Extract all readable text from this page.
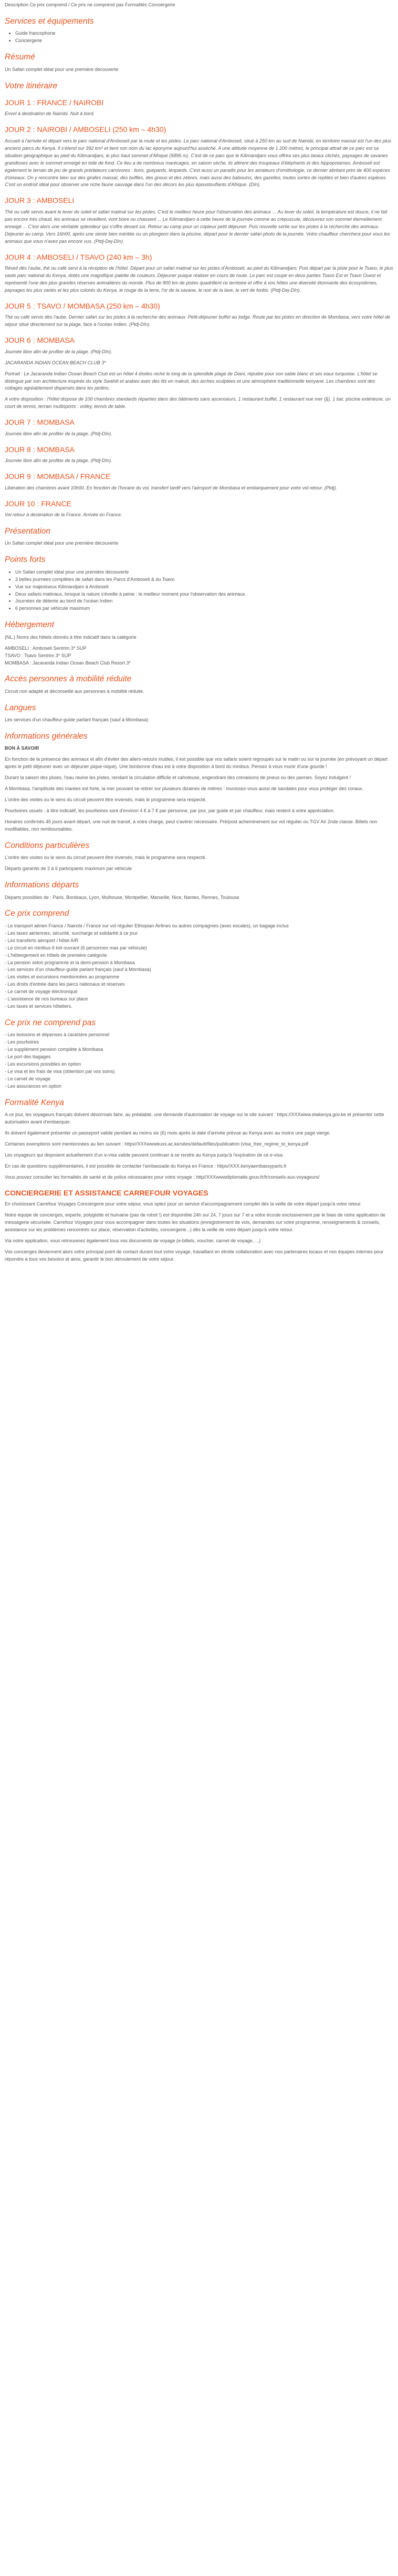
Description Ce prix comprend / Ce prix ne comprend pas Formalités Conciergerie
Services et équipements
• Guide francophone
• Conciergerie
Résumé

Un Safari complet idéal pour une première découverte

Votre itinéraire
JOUR 1 : FRANCE / NAIROBI

Envol à destination de Nairobi. Nuit à bord.

JOUR 2 : NAIROBI / AMBOSELI (250 km – 4h30)

Accueil à l'arrivée et départ vers le parc national d'Amboseli par la route et les pistes. Le parc national d'Amboseli, situé à 250 km au sud de Nairobi, en territoire massaï est l'un des plus anciens parcs du Kenya. Il s'étend sur 392 km² et tient son nom du lac éponyme aujourd'hui asséché. A une altitude moyenne de 1 200 mètres, le principal attrait de ce parc est sa situation géographique au pied du Kilimandjaro, le plus haut sommet d'Afrique (5895 m). C'est de ce parc que le Kilimandjaro vous offrira ses plus beaux clichés, paysages de savanes grandioses avec le sommet enneigé en toile de fond. Ce lieu a de nombreux marécages, en saison sèche, ils attirent des troupeaux d'éléphants et des hippopotames. Amboseli est également le terrain de jeu de grands prédateurs carnivores : lions, guépards, léopards. C'est aussi un paradis pour les amateurs d'ornithologie, ce dernier abritant près de 400 espèces d'oiseaux. On y rencontre bien sur des girafes massaï, des buffles, des gnous et des zèbres, mais aussi des babouins, des gazelles, toutes sortes de reptiles et bien d'autres espèces. C'est un endroit idéal pour observer une riche faune sauvage dans l'un des décors les plus époustouflants d'Afrique. (Dîn).

JOUR 3 : AMBOSELI

Thé ou café servis avant le lever du soleil et safari matinal sur les pistes. C'est le meilleur heure pour l'observation des animaux ... Au lever du soleil, la température est douce, il ne fait pas encore très chaud, les animaux se réveillent, vont boire ou chassent ... Le Kilimandjaro à cette heure de la journée comme au crépuscule, découvrez son sommet éternellement enneigé ... C'est alors une véritable splendeur qui s'offre devant soi. Retour au camp pour un copieux petit déjeuner. Puis nouvelle sortie sur les pistes à la recherche des animaux. Déjeuner au camp. Vers 16h00, après une sieste bien méritée ou un plongeon dans la piscine, départ pour le dernier safari photo de la journée. Votre chauffeur cherchera pour vous les animaux que vous n'avez pas encore vus. (Ptdj-Dej-Dîn).

JOUR 4 : AMBOSELI / TSAVO (240 km – 3h)

Réveil dès l'aube, thé ou café servi à la réception de l'hôtel. Départ pour un safari matinal sur les pistes d'Amboseli, au pied du Kilimandjaro. Puis départ par la piste pour le Tsavo, le plus vaste parc national du Kenya, dotés une magnifique palette de couleurs. Déjeuner puique réaliser en cours de route. Le parc est coupé en deux parties Tsavo Est et Tsavo Ouest et représenté l'une des plus grandes réserves animalières du monde. Plus de 800 km de pistes quadrillent ce territoire et offre à vos hôtes une diversité étonnante des écosystèmes, paysages les plus variés et les plus colorés du Kenya, le rouge de la terre, l'or de la savane, le noir de la lave, le vert de forêts. (Ptdj-Dej-Dîn).

JOUR 5 : TSAVO / MOMBASA (250 km – 4h30)

Thé ou café servis dès l'aube. Dernier safari sur les pistes à la recherche des animaux. Petit-déjeuner buffet au lodge. Route par les pistes en direction de Mombasa, vers votre hôtel de séjour situé directement sur la plage, face à l'océan Indien. (Ptdj-Dîn).

JOUR 6 : MOMBASA

Journée libre afin de profiter de la plage. (Ptdj-Dîn).

JACARANDA INDIAN OCEAN BEACH CLUB 3*

Portrait : Le Jacaranda Indian Ocean Beach Club est un hôtel 4 étoiles niché le long de la splendide plage de Diani, réputée pour son sable blanc et ses eaux turquoise. L'hôtel se distingue par son architecture inspirée du style Swahili et arabes avec des lits en makuti, des arches sculptées et une atmosphère traditionnelle kenyane. Les chambres sont des cottages agréablement dispersés dans les jardins.

A votre disposition : l'hôtel dispose de 100 chambres standards réparties dans des bâtiments sans ascenseurs, 1 restaurant buffet, 1 restaurant vue mer (§), 1 bar, piscine extérieure, un court de tennis, terrain multisports : volley, tennis de table.

JOUR 7 : MOMBASA

Journée libre afin de profiter de la plage. (Ptdj-Dîn).

JOUR 8 : MOMBASA

Journée libre afin de profiter de la plage. (Ptdj-Dîn).

JOUR 9 : MOMBASA / FRANCE

Libération des chambres avant 10h00. En fonction de l'horaire du vol, transfert tardif vers l'aéroport de Mombasa et embarquement pour votre vol retour. (Ptdj).

JOUR 10 : FRANCE

Vol retour à destination de la France. Arrivée en France.

Présentation

Un Safari complet idéal pour une première découverte

Points forts
• Un Safari complet idéal pour une première découverte
• 3 belles journées complètes de safari dans les Parcs d'Amboseli & du Tsavo
• Vue sur majestueux Kilimandjaro à Amboseli
• Deux safaris matinaux, lorsque la nature s'éveille à peine : le meilleur moment pour l'observation des animaux
• Journées de détente au bord de l'océan Indien
• 6 personnes par véhicule maximum
Hébergement

(NL.) Noms des hôtels donnés à titre indicatif dans la catégorie

AMBOSELI : Amboseli Sentrim 3* SUP
TSAVO : Tsavo Sentrim 3* SUP
MOMBASA : Jacaranda Indian Ocean Beach Club Resort 3*
Accès personnes à mobilité réduite

Circuit non adapté et déconseillé aux personnes à mobilité réduite.

Langues

Les services d'un chauffeur-guide parlant français (sauf à Mombasa)

Informations générales

BON À SAVOIR

En fonction de la présence des animaux et afin d'éviter des allers-retours inutiles, il est possible que vos safaris soient regroupés sur le matin ou sur la journée (en prévoyant un départ après le petit déjeuner avec un déjeuner pique-nique). Une bonbonne d'eau est à votre disposition à bord du minibus. Pensez à vous munir d'une gourde !

Durant la saison des pluies, l'eau ravine les pistes, rendant la circulation difficile et cahoteuse, engendrant des crevaisons de pneus ou des pannes. Soyez indulgent !

A Mombasa, l'amplitude des marées est forte, la mer pouvant se retirer sur plusieurs dizaines de mètres : munissez-vous aussi de sandales pour vous protéger des coraux.

L'ordre des visites ou le sens du circuit peuvent être inversés, mais le programme sera respecté.

Pourboires usuels : à titre indicatif, les pourboires sont d'environ 4 € à 7 € par personne, par jour, par guide et par chauffeur, mais restent à votre appréciation.

Horaires confirmés 45 jours avant départ, une nuit de transit, à votre charge, peut s'avérer nécessaire. Pré/post acheminement sur vol régulier ou TGV Air 2nde classe. Billets non modifiables, non remboursables.

Conditions particulières

L'ordre des visites ou le sens du circuit peuvent être inversés, mais le programme sera respecté.

Départs garantis de 2 à 6 participants maximum par véhicule

Informations départs

Départs possibles de : Paris, Bordeaux, Lyon, Mulhouse, Montpellier, Marseille, Nice, Nantes, Rennes, Toulouse

Ce prix comprend
- Le transport aérien France / Nairobi / France sur vol régulier Ethiopian Airlines ou autres compagnies (avec escales), un bagage inclus
- Les taxes aériennes, sécurité, surcharge et solidarité à ce jour
- Les transferts aéroport / hôtel A/R
- Le circuit en minibus 6 toit ouvrant (6 personnes max par véhicule)
- L'hébergement en hôtels de première catégorie
- La pension selon programme et la demi-pension à Mombasa
- Les services d'un chauffeur-guide parlant français (sauf à Mombasa)
- Les visites et excursions mentionnées au programme
- Les droits d'entrée dans les parcs nationaux et réserves
- Le carnet de voyage électronique
- L'assistance de nos bureaux sur place
- Les taxes et services hôteliers.
Ce prix ne comprend pas
- Les boissons et dépenses à caractère personnel
- Les pourboires
- Le supplément pension complète à Mombasa
- Le port des bagages
- Les excursions possibles en option
- Le visa et les frais de visa (obtention par vos soins)
- Le carnet de voyage
- Les assurances en option
Formalité Kenya

A ce jour, les voyageurs français doivent désormais faire, au préalable, une demande d'autorisation de voyage sur le site suivant : https://XXXwww.etakenya.gov.ke et présenter cette autorisation avant d'embarquer.

Ils doivent également présenter un passeport valide pendant au moins six (6) mois après la date d'arrivée prévue au Kenya avec au moins une page vierge.

Certaines exemptions sont mentionnées au lien suivant : https//XXXwwwkuxs.ac.ke/sites/default/files/publication (visa_free_regime_to_kenya.pdf

Les voyageurs qui disposent actuellement d'un e-visa valide peuvent continuer à se rendre au Kenya jusqu'à l'expiration de ce e-visa.

En cas de questions supplémentaires, il est possible de contacter l'ambassade du Kenya en France : https//XXX.kenyaembassyparis.fr

Vous pouvez consulter les formalités de santé et de police nécessaires pour votre voyage : http//XXXwwwdiplomatie.gouv.fr/fr/conseils-aux-voyageurs/

CONCIERGERIE ET ASSISTANCE CARREFOUR VOYAGES

En choisissant Carrefour Voyages Conciergerie pour votre séjour, vous optez pour un service d'accompagnement complet dès la veille de votre départ jusqu'à votre retour.

Notre équipe de concierges, experte, polyglotte et humaine (pas de robot !) est disponible 24h sur 24, 7 jours sur 7 et a votre écoute exclusivement par le biais de notre application de messagerie sécurisée. Carrefour Voyages pour vous accompagner dans toutes les situations (enregistrement de vols, demandes sur votre programme, renseignements & conseils, assistance sur les problèmes rencontrés sur place, réservation d'activités, conciergerie...) dès la veille de votre départ jusqu'à votre retour.

Via notre application, vous retrouverez également tous vos documents de voyage (e-billets, voucher, carnet de voyage, ...)

Vos concierges deviennent alors votre principal point de contact durant tout votre voyage, travaillant en étroite collaboration avec nos partenaires locaux et nos équipes internes pour répondre à tous vos besoins et ainsi, garantir le bon déroulement de votre séjour.
